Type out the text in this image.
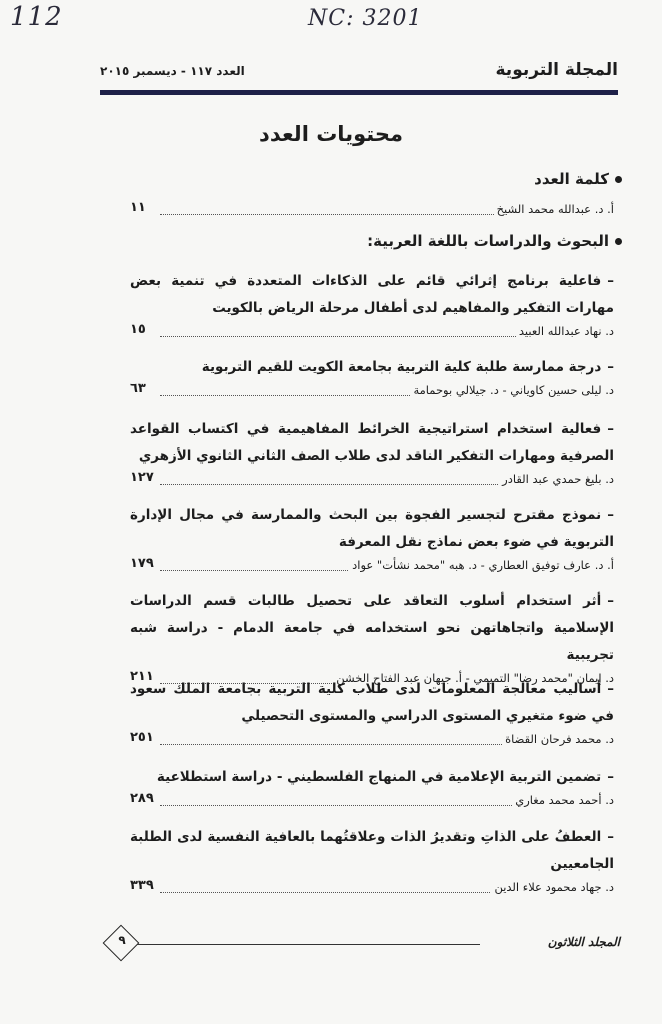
112	NC: 3201
المجلة التربوية
العدد ١١٧ - ديسمبر ٢٠١٥
محتويات العدد
كلمة العدد
أ. د. عبدالله محمد الشيخ
١١
البحوث والدراسات باللغة العربية:
–فاعلية برنامج إثرائي قائم على الذكاءات المتعددة في تنمية بعض مهارات التفكير والمفاهيم لدى أطفال مرحلة الرياض بالكويت
د. نهاد عبدالله العبيد
١٥
–درجة ممارسة طلبة كلية التربية بجامعة الكويت للقيم التربوية
د. ليلى حسين كاوياني - د. جيلالي بوحمامة
٦٣
–فعالية استخدام استراتيجية الخرائط المفاهيمية في اكتساب القواعد الصرفية ومهارات التفكير الناقد لدى طلاب الصف الثاني الثانوي الأزهري
د. بليغ حمدي عبد القادر
١٢٧
–نموذج مقترح لتجسير الفجوة بين البحث والممارسة في مجال الإدارة التربوية في ضوء بعض نماذج نقل المعرفة
أ. د. عارف توفيق العطاري - د. هبه "محمد نشأت" عواد
١٧٩
–أثر استخدام أسلوب التعاقد على تحصيل طالبات قسم الدراسات الإسلامية واتجاهاتهن نحو استخدامه في جامعة الدمام - دراسة شبه تجريبية
د. إيمان "محمد رضا" التميمي - أ. جيهان عبد الفتاح الخشن
٢١١
–أساليب معالجة المعلومات لدى طلاب كلية التربية بجامعة الملك سعود في ضوء متغيري المستوى الدراسي والمستوى التحصيلي
د. محمد فرحان القضاة
٢٥١
–تضمين التربية الإعلامية في المنهاج الفلسطيني - دراسة استطلاعية
د. أحمد محمد مغاري
٢٨٩
–العطفُ على الذاتِ وتقديرُ الذات وعلاقتُهما بالعافية النفسية لدى الطلبة الجامعيين
د. جهاد محمود علاء الدين
٣٣٩
المجلد الثلاثون
٩
